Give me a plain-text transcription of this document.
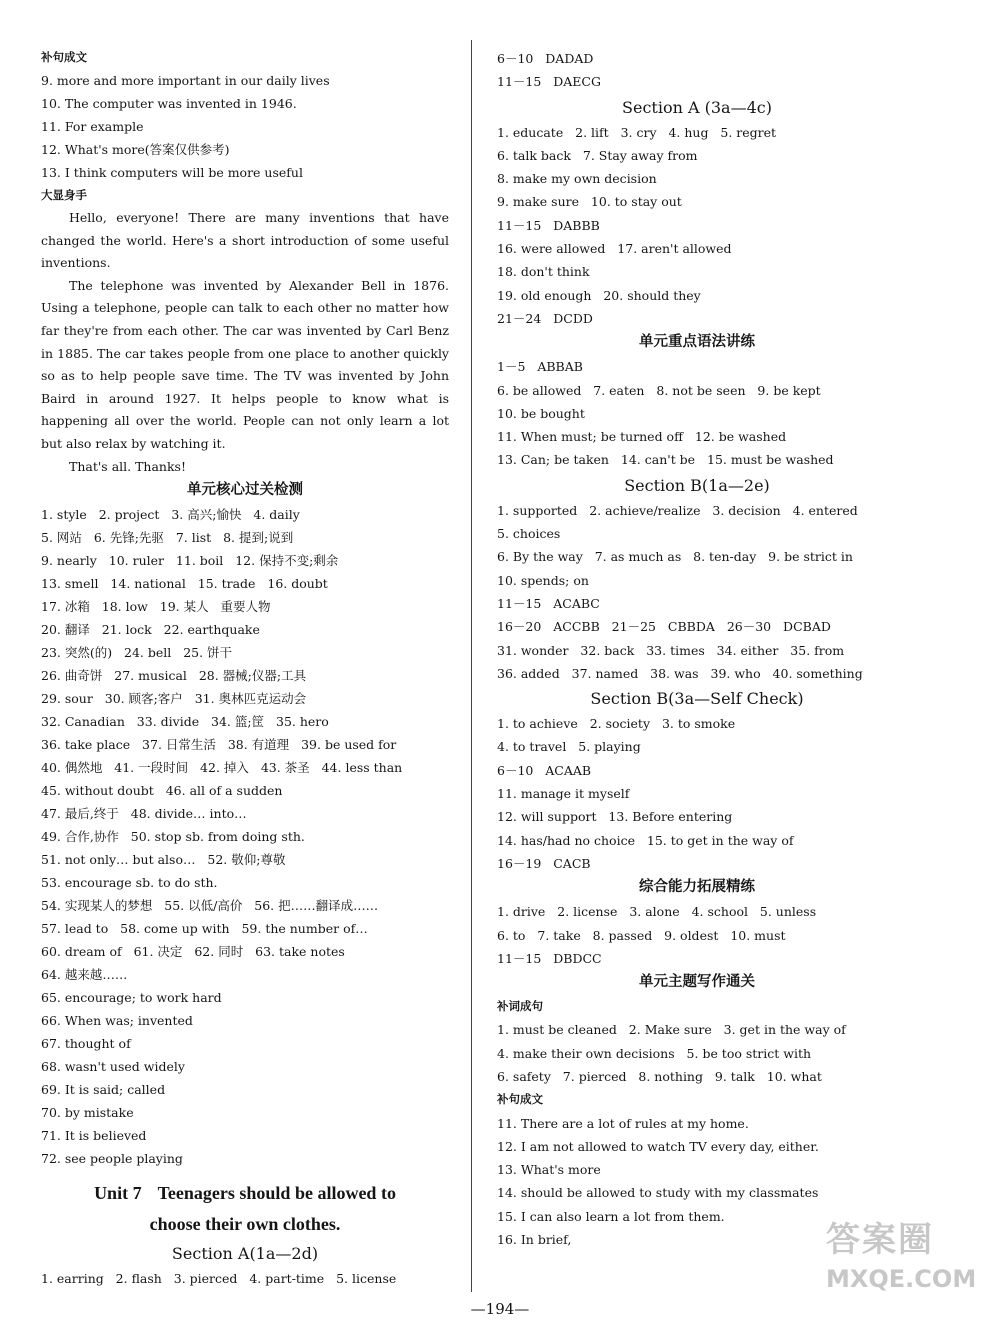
补句成文
9. more and more important in our daily lives
10. The computer was invented in 1946.
11. For example
12. What's more(答案仅供参考)
13. I think computers will be more useful
大显身手

Hello, everyone! There are many inventions that have changed the world. Here's a short introduction of some useful inventions.

The telephone was invented by Alexander Bell in 1876. Using a telephone, people can talk to each other no matter how far they're from each other. The car was invented by Carl Benz in 1885. The car takes people from one place to another quickly so as to help people save time. The TV was invented by John Baird in around 1927. It helps people to know what is happening all over the world. People can not only learn a lot but also relax by watching it.

That's all. Thanks!

单元核心过关检测
1. style   2. project   3. 高兴;愉快   4. daily
5. 网站   6. 先锋;先驱   7. list   8. 提到;说到
9. nearly   10. ruler   11. boil   12. 保持不变;剩余
13. smell   14. national   15. trade   16. doubt
17. 冰箱   18. low   19. 某人   重要人物
20. 翻译   21. lock   22. earthquake
23. 突然(的)   24. bell   25. 饼干
26. 曲奇饼   27. musical   28. 器械;仪器;工具
29. sour   30. 顾客;客户   31. 奥林匹克运动会
32. Canadian   33. divide   34. 篮;筐   35. hero
36. take place   37. 日常生活   38. 有道理   39. be used for
40. 偶然地   41. 一段时间   42. 掉入   43. 茶圣   44. less than
45. without doubt   46. all of a sudden
47. 最后,终于   48. divide… into…
49. 合作,协作   50. stop sb. from doing sth.
51. not only… but also…   52. 敬仰;尊敬
53. encourage sb. to do sth.
54. 实现某人的梦想   55. 以低/高价   56. 把……翻译成……
57. lead to   58. come up with   59. the number of…
60. dream of   61. 决定   62. 同时   63. take notes
64. 越来越……
65. encourage; to work hard
66. When was; invented
67. thought of
68. wasn't used widely
69. It is said; called
70. by mistake
71. It is believed
72. see people playing
Unit 7 Teenagers should be allowed to
choose their own clothes.
Section A(1a—2d)
1. earring   2. flash   3. pierced   4. part-time   5. license
6－10   DADAD
11－15   DAECG
Section A (3a—4c)
1. educate   2. lift   3. cry   4. hug   5. regret
6. talk back   7. Stay away from
8. make my own decision
9. make sure   10. to stay out
11－15   DABBB
16. were allowed   17. aren't allowed
18. don't think
19. old enough   20. should they
21－24   DCDD
单元重点语法讲练
1－5   ABBAB
6. be allowed   7. eaten   8. not be seen   9. be kept
10. be bought
11. When must; be turned off   12. be washed
13. Can; be taken   14. can't be   15. must be washed
Section B(1a—2e)
1. supported   2. achieve/realize   3. decision   4. entered
5. choices
6. By the way   7. as much as   8. ten-day   9. be strict in
10. spends; on
11－15   ACABC
16－20   ACCBB   21－25   CBBDA   26－30   DCBAD
31. wonder   32. back   33. times   34. either   35. from
36. added   37. named   38. was   39. who   40. something
Section B(3a—Self Check)
1. to achieve   2. society   3. to smoke
4. to travel   5. playing
6－10   ACAAB
11. manage it myself
12. will support   13. Before entering
14. has/had no choice   15. to get in the way of
16－19   CACB
综合能力拓展精练
1. drive   2. license   3. alone   4. school   5. unless
6. to   7. take   8. passed   9. oldest   10. must
11－15   DBDCC
单元主题写作通关
补词成句
1. must be cleaned   2. Make sure   3. get in the way of
4. make their own decisions   5. be too strict with
6. safety   7. pierced   8. nothing   9. talk   10. what
补句成文
11. There are a lot of rules at my home.
12. I am not allowed to watch TV every day, either.
13. What's more
14. should be allowed to study with my classmates
15. I can also learn a lot from them.
16. In brief,
—194—
答案圈
MXQE.COM
